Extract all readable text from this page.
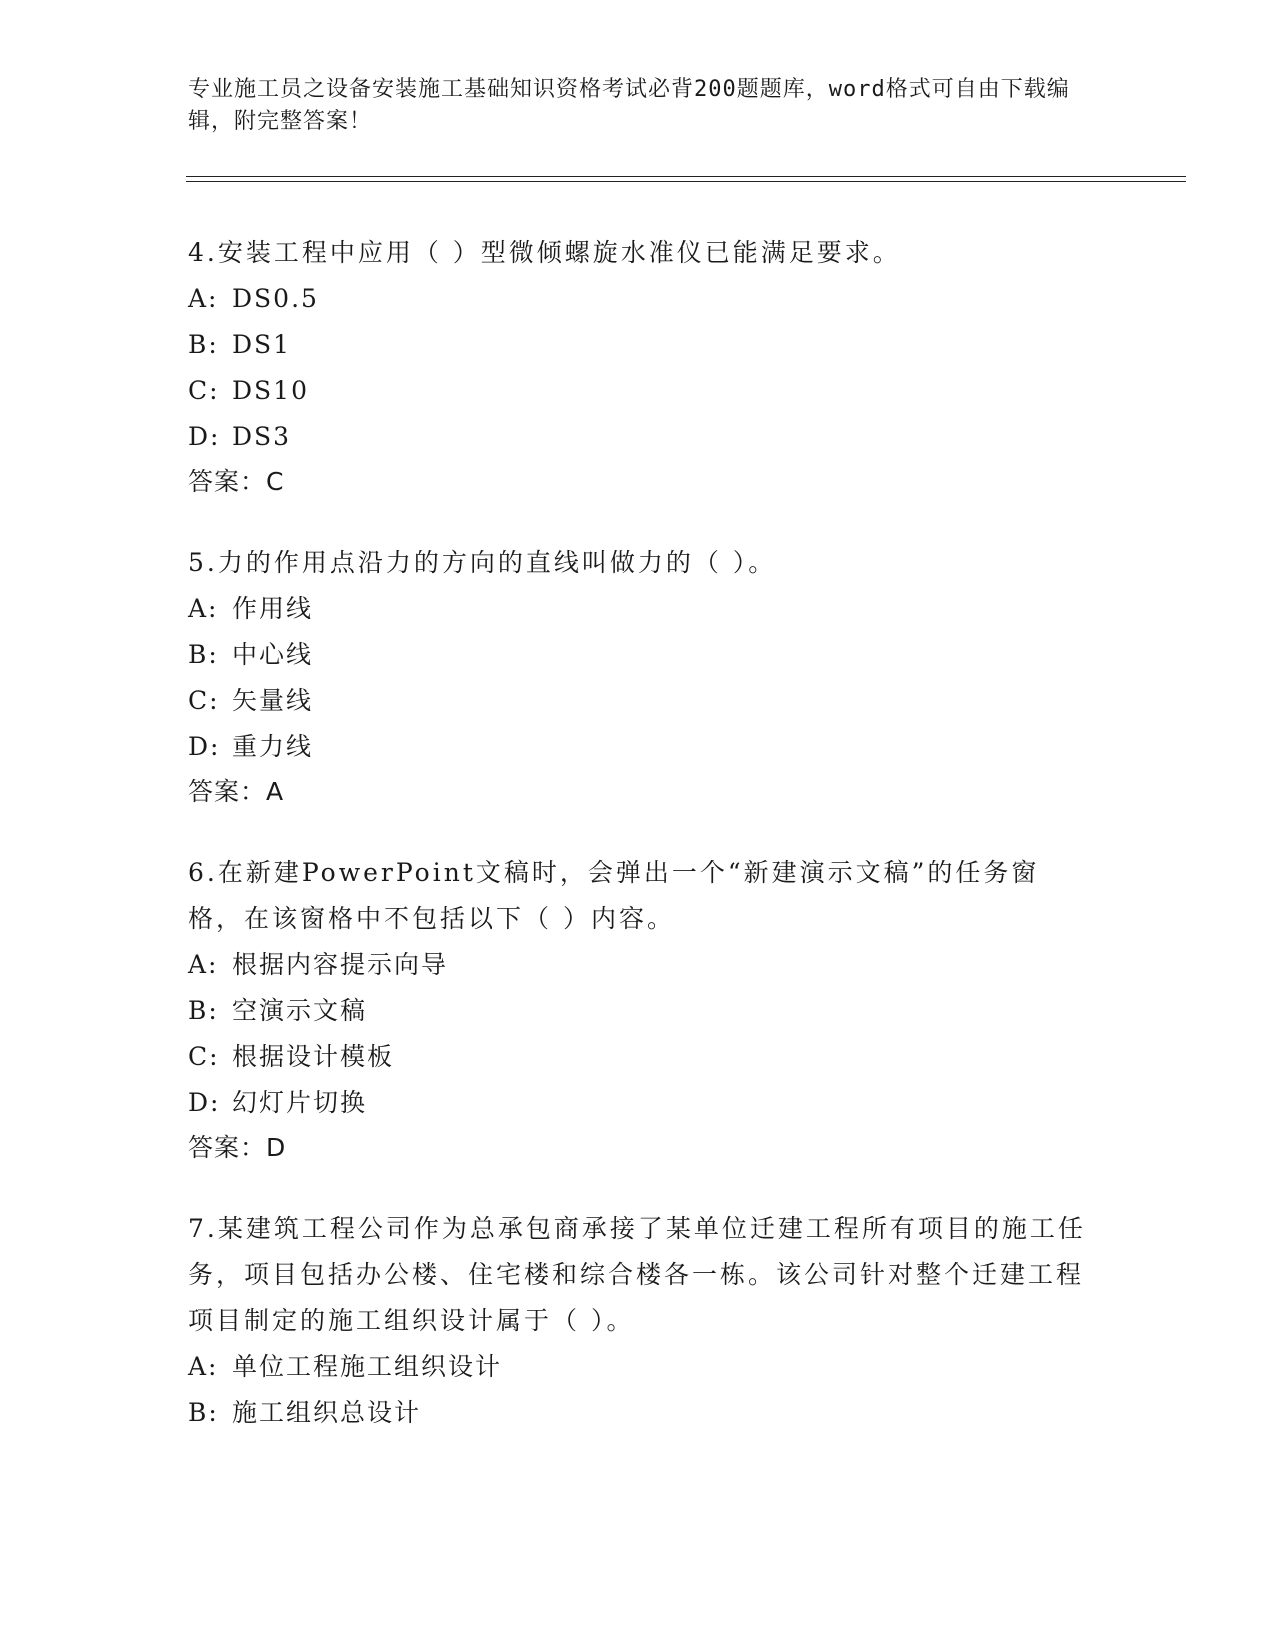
专业施工员之设备安装施工基础知识资格考试必背200题题库，word格式可自由下载编辑，附完整答案！

4.安装工程中应用（ ）型微倾螺旋水准仪已能满足要求。

A: DS0.5

B: DS1

C: DS10

D: DS3

答案：C

5.力的作用点沿力的方向的直线叫做力的（ ）。

A: 作用线

B: 中心线

C: 矢量线

D: 重力线

答案：A

6.在新建PowerPoint文稿时，会弹出一个“新建演示文稿”的任务窗格，在该窗格中不包括以下（ ）内容。

A: 根据内容提示向导

B: 空演示文稿

C: 根据设计模板

D: 幻灯片切换

答案：D

7.某建筑工程公司作为总承包商承接了某单位迁建工程所有项目的施工任务，项目包括办公楼、住宅楼和综合楼各一栋。该公司针对整个迁建工程项目制定的施工组织设计属于（ ）。

A: 单位工程施工组织设计

B: 施工组织总设计
